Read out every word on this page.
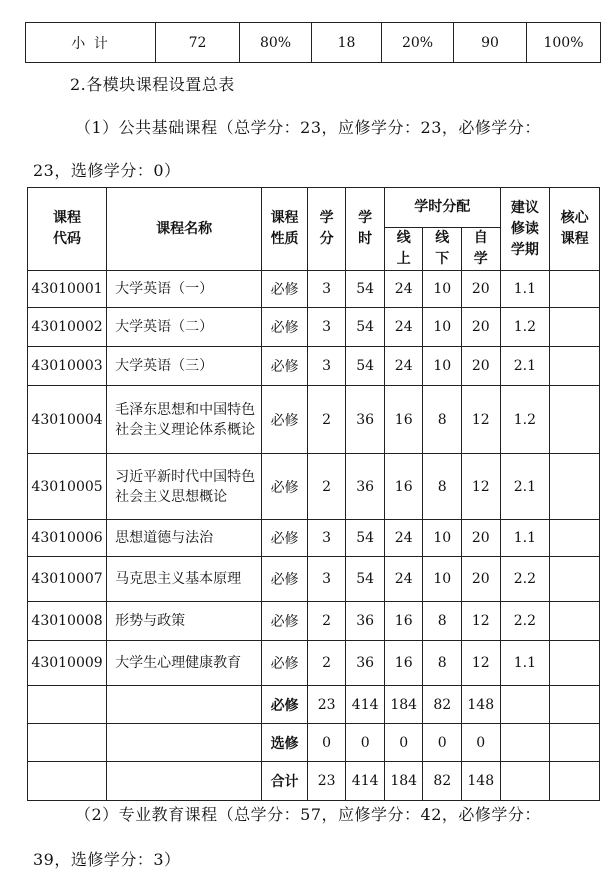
小 计	72	80%	18	20%	90	100%
2.各模块课程设置总表
（1）公共基础课程（总学分：23，应修学分：23，必修学分：
23，选修学分：0）
课程代码	课程名称	课程性质	学分	学时	学时分配			建议修读学期	核心课程

					线上	线下	自学		

43010001	大学英语（一）	必修	3	54	24	10	20	1.1	
43010002	大学英语（二）	必修	3	54	24	10	20	1.2	
43010003	大学英语（三）	必修	3	54	24	10	20	2.1	
43010004	毛泽东思想和中国特色社会主义理论体系概论	必修	2	36	16	8	12	1.2	
43010005	习近平新时代中国特色社会主义思想概论	必修	2	36	16	8	12	2.1	
43010006	思想道德与法治	必修	3	54	24	10	20	1.1	
43010007	马克思主义基本原理	必修	3	54	24	10	20	2.2	
43010008	形势与政策	必修	2	36	16	8	12	2.2	
43010009	大学生心理健康教育	必修	2	36	16	8	12	1.1	
		必修	23	414	184	82	148		
		选修	0	0	0	0	0		
		合计	23	414	184	82	148		
（2）专业教育课程（总学分：57，应修学分：42，必修学分：
39，选修学分：3）
